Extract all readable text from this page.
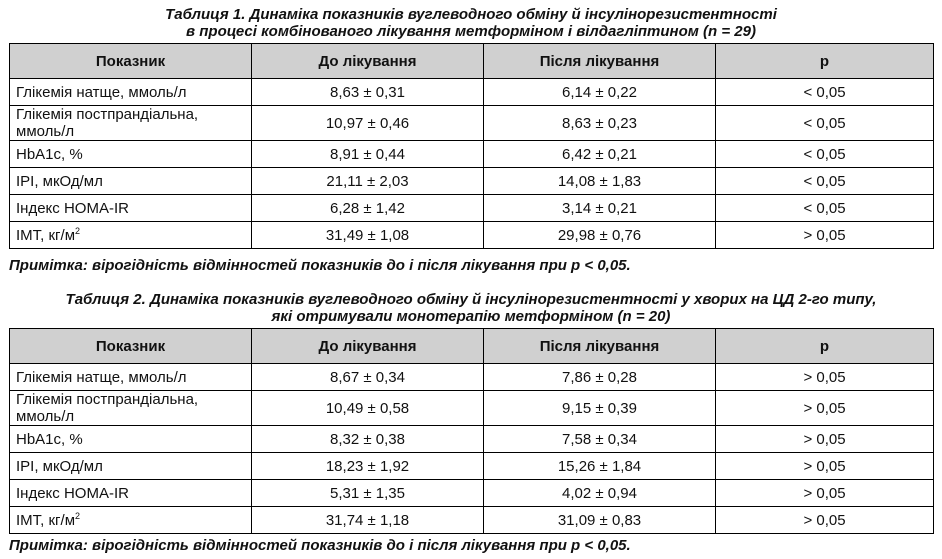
Таблиця 1. Динаміка показників вуглеводного обміну й інсулінорезистентності

в процесі комбінованого лікування метформіном і вілдагліптином (n = 29)

Показник	До лікування	Після лікування	p
Глікемія натще, ммоль/л	8,63 ± 0,31	6,14 ± 0,22	< 0,05
Глікемія постпрандіальна, ммоль/л	10,97 ± 0,46	8,63 ± 0,23	< 0,05
HbA1c, %	8,91 ± 0,44	6,42 ± 0,21	< 0,05
IPI, мкОд/мл	21,11 ± 2,03	14,08 ± 1,83	< 0,05
Індекс HOMA-IR	6,28 ± 1,42	3,14 ± 0,21	< 0,05
ІМТ, $кг/м^2$	31,49 ± 1,08	29,98 ± 0,76	> 0,05

Примітка: вірогідність відмінностей показників до і після лікування при p < 0,05.

Таблиця 2. Динаміка показників вуглеводного обміну й інсулінорезистентності у хворих на ЦД 2-го типу,

які отримували монотерапію метформіном (n = 20)

Показник	До лікування	Після лікування	p
Глікемія натще, ммоль/л	8,67 ± 0,34	7,86 ± 0,28	> 0,05
Глікемія постпрандіальна, ммоль/л	10,49 ± 0,58	9,15 ± 0,39	> 0,05
HbA1c, %	8,32 ± 0,38	7,58 ± 0,34	> 0,05
IPI, мкОд/мл	18,23 ± 1,92	15,26 ± 1,84	> 0,05
Індекс HOMA-IR	5,31 ± 1,35	4,02 ± 0,94	> 0,05
ІМТ, $кг/м^2$	31,74 ± 1,18	31,09 ± 0,83	> 0,05

Примітка: вірогідність відмінностей показників до і після лікування при p < 0,05.
